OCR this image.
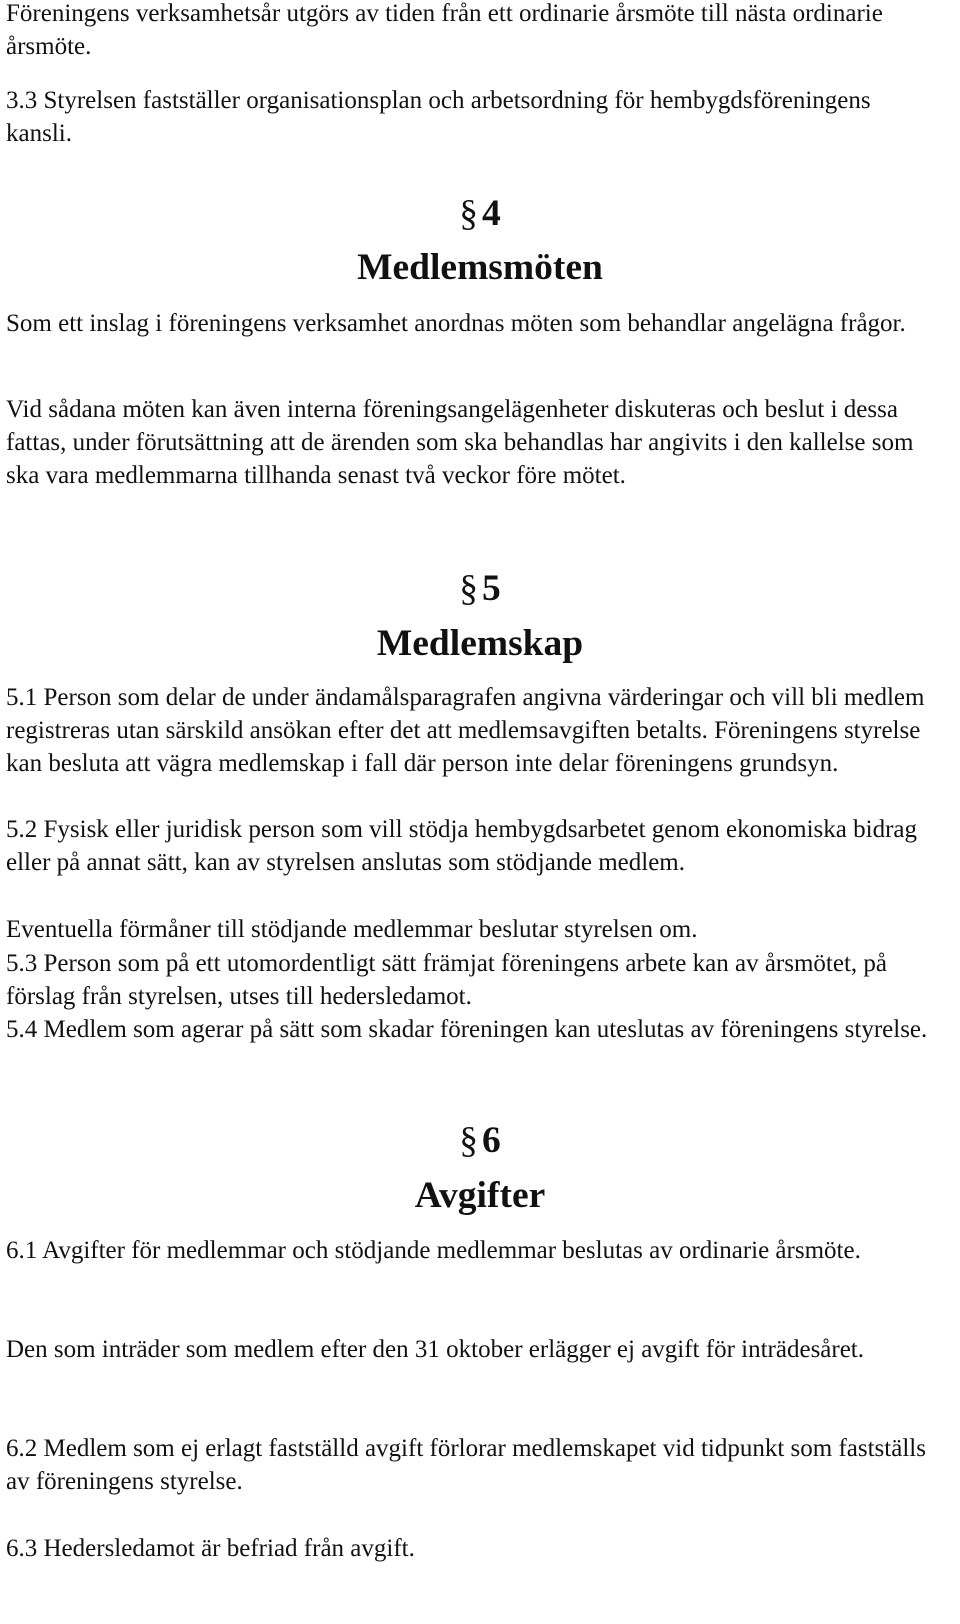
Föreningens verksamhetsår utgörs av tiden från ett ordinarie årsmöte till nästa ordinarie årsmöte.

3.3 Styrelsen fastställer organisationsplan och arbetsordning för hembygdsföreningens kansli.

§ 4
Medlemsmöten

Som ett inslag i föreningens verksamhet anordnas möten som behandlar angelägna frågor.

Vid sådana möten kan även interna föreningsangelägenheter diskuteras och beslut i dessa fattas, under förutsättning att de ärenden som ska behandlas har angivits i den kallelse som ska vara medlemmarna tillhanda senast två veckor före mötet.

§ 5
Medlemskap

5.1 Person som delar de under ändamålsparagrafen angivna värderingar och vill bli medlem registreras utan särskild ansökan efter det att medlemsavgiften betalts. Föreningens styrelse kan besluta att vägra medlemskap i fall där person inte delar föreningens grundsyn.

5.2 Fysisk eller juridisk person som vill stödja hembygdsarbetet genom ekonomiska bidrag eller på annat sätt, kan av styrelsen anslutas som stödjande medlem.

Eventuella förmåner till stödjande medlemmar beslutar styrelsen om.

5.3 Person som på ett utomordentligt sätt främjat föreningens arbete kan av årsmötet, på förslag från styrelsen, utses till hedersledamot.

5.4 Medlem som agerar på sätt som skadar föreningen kan uteslutas av föreningens styrelse.

§ 6
Avgifter

6.1 Avgifter för medlemmar och stödjande medlemmar beslutas av ordinarie årsmöte.

Den som inträder som medlem efter den 31 oktober erlägger ej avgift för inträdesåret.

6.2 Medlem som ej erlagt fastställd avgift förlorar medlemskapet vid tidpunkt som fastställs av föreningens styrelse.

6.3 Hedersledamot är befriad från avgift.
